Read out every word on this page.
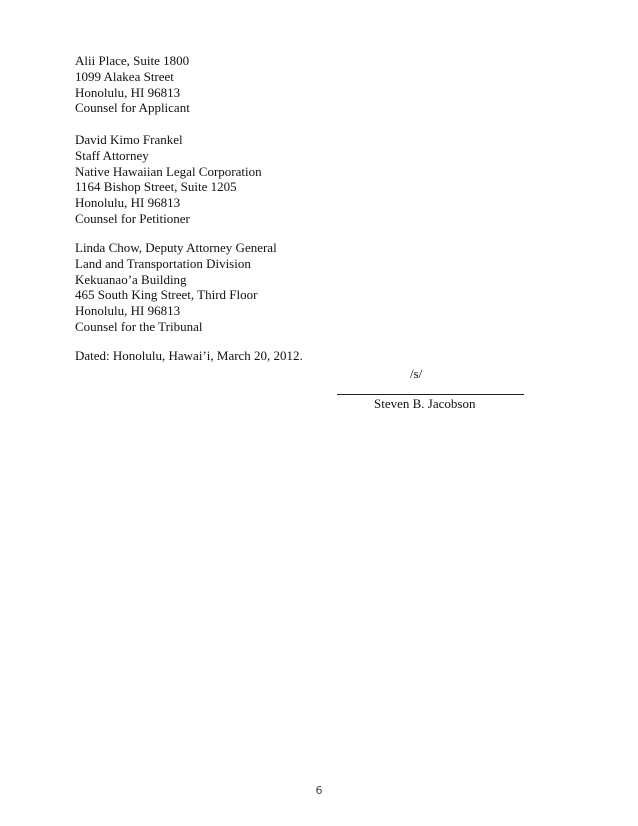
Alii Place, Suite 1800
1099 Alakea Street
Honolulu, HI 96813
Counsel for Applicant
David Kimo Frankel
Staff Attorney
Native Hawaiian Legal Corporation
1164 Bishop Street, Suite 1205
Honolulu, HI 96813
Counsel for Petitioner
Linda Chow, Deputy Attorney General
Land and Transportation Division
Kekuanao’a Building
465 South King Street, Third Floor
Honolulu, HI 96813
Counsel for the Tribunal
Dated: Honolulu, Hawai’i, March 20, 2012.
/s/
Steven B. Jacobson
6
